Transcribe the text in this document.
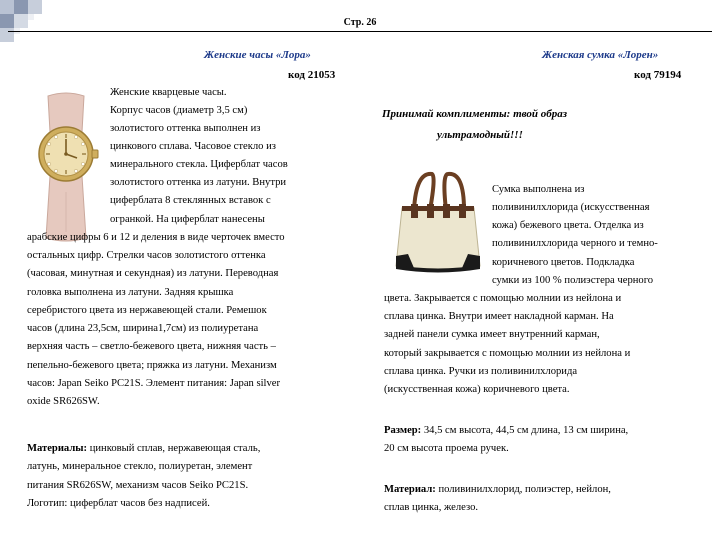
Стр. 26
Женские часы «Лора»
код 21053
Женские кварцевые часы.
Корпус часов (диаметр 3,5 см)
золотистого оттенка выполнен из
цинкового сплава. Часовое стекло из
минерального стекла. Циферблат часов
золотистого оттенка из латуни. Внутри
циферблата 8 стеклянных вставок с
огранкой. На циферблат нанесены
арабские цифры 6 и 12 и деления в виде черточек вместо
остальных цифр. Стрелки часов золотистого оттенка
(часовая, минутная и секундная) из латуни. Переводная
головка выполнена из латуни. Задняя крышка
серебристого цвета из нержавеющей стали. Ремешок
часов (длина 23,5см, ширина1,7см) из полиуретана
верхняя часть – светло-бежевого цвета, нижняя часть –
пепельно-бежевого цвета; пряжка из латуни. Механизм
часов: Japan Seiko PC21S. Элемент питания: Japan silver
oxide SR626SW.
Материалы: цинковый сплав, нержавеющая сталь,
латунь, минеральное стекло, полиуретан, элемент
питания SR626SW, механизм часов Seiko PC21S.
Логотип: циферблат часов без надписей.
Женская сумка «Лорен»
код 79194
Принимай комплименты: твой образ
ультрамодный!!!
Сумка выполнена из
поливинилхлорида (искусственная
кожа) бежевого цвета. Отделка из
поливинилхлорида черного и темно-
коричневого цветов. Подкладка
сумки из 100 % полиэстера черного
цвета. Закрывается с помощью молнии из нейлона и
сплава цинка. Внутри имеет накладной карман. На
задней панели сумка имеет внутренний карман,
который закрывается с помощью молнии из нейлона и
сплава цинка. Ручки из поливинилхлорида
(искусственная кожа) коричневого цвета.
Размер: 34,5 см высота, 44,5 см длина, 13 см ширина,
20 см высота проема ручек.
Материал: поливинилхлорид, полиэстер, нейлон,
сплав цинка, железо.
